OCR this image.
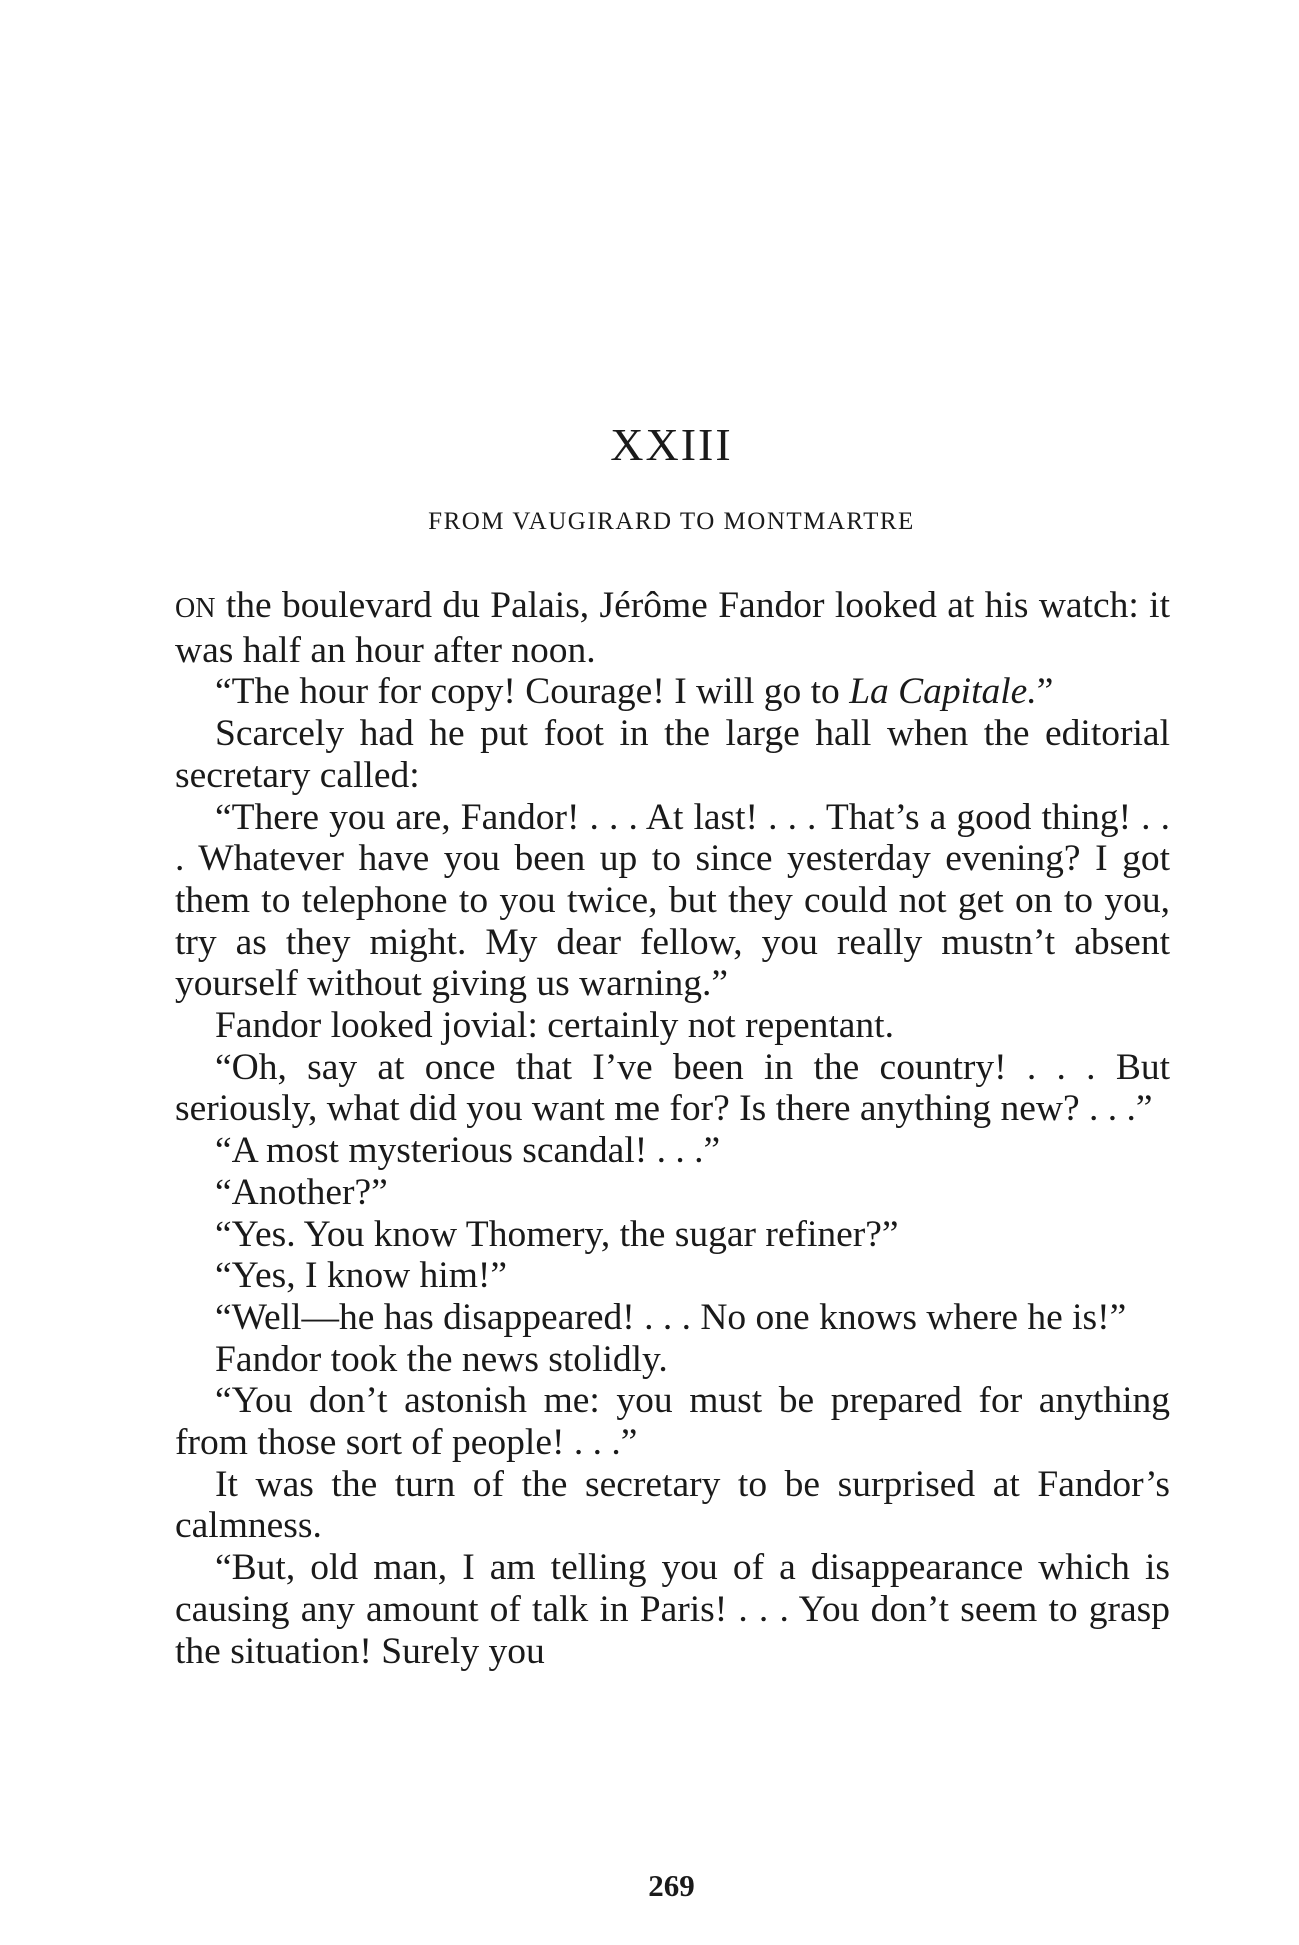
XXIII
FROM VAUGIRARD TO MONTMARTRE

ON the boulevard du Palais, Jérôme Fandor looked at his watch: it was half an hour after noon.

“The hour for copy! Courage! I will go to La Capitale.”

Scarcely had he put foot in the large hall when the editorial secretary called:

“There you are, Fandor! . . . At last! . . . That’s a good thing! . . . Whatever have you been up to since yesterday evening? I got them to telephone to you twice, but they could not get on to you, try as they might. My dear fellow, you really mustn’t absent yourself without giving us warning.”

Fandor looked jovial: certainly not repentant.

“Oh, say at once that I’ve been in the country! . . . But seriously, what did you want me for? Is there anything new? . . .”

“A most mysterious scandal! . . .”

“Another?”

“Yes. You know Thomery, the sugar refiner?”

“Yes, I know him!”

“Well—he has disappeared! . . . No one knows where he is!”

Fandor took the news stolidly.

“You don’t astonish me: you must be prepared for anything from those sort of people! . . .”

It was the turn of the secretary to be surprised at Fandor’s calmness.

“But, old man, I am telling you of a disappearance which is causing any amount of talk in Paris! . . . You don’t seem to grasp the situation! Surely you

269
